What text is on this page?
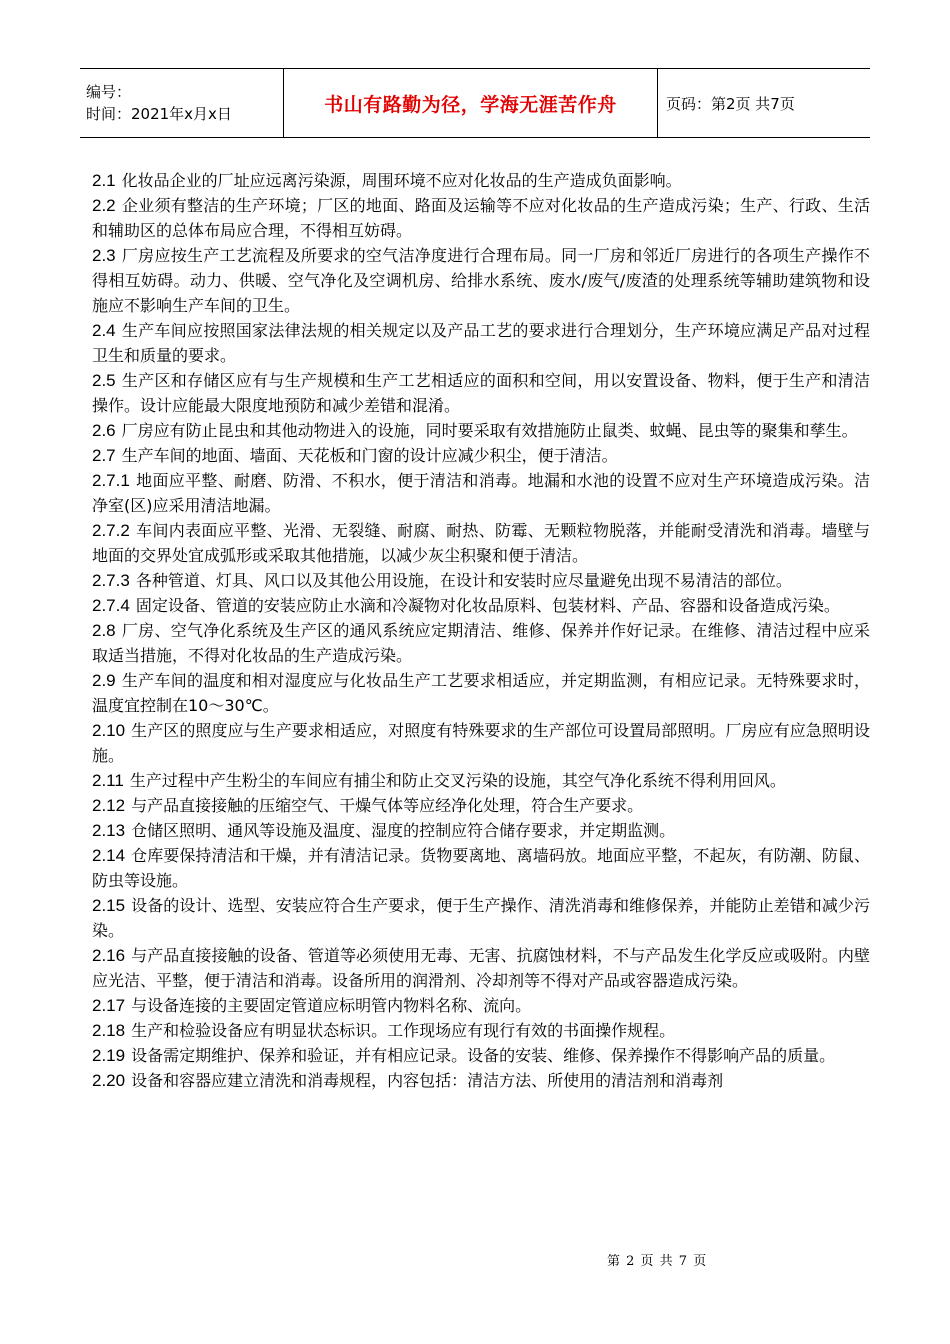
编号：
时间：2021年x月x日	书山有路勤为径，学海无涯苦作舟	页码：第2页 共7页

2.1 化妆品企业的厂址应远离污染源，周围环境不应对化妆品的生产造成负面影响。

2.2 企业须有整洁的生产环境；厂区的地面、路面及运输等不应对化妆品的生产造成污染；生产、行政、生活和辅助区的总体布局应合理，不得相互妨碍。

2.3 厂房应按生产工艺流程及所要求的空气洁净度进行合理布局。同一厂房和邻近厂房进行的各项生产操作不得相互妨碍。动力、供暖、空气净化及空调机房、给排水系统、废水/废气/废渣的处理系统等辅助建筑物和设施应不影响生产车间的卫生。

2.4 生产车间应按照国家法律法规的相关规定以及产品工艺的要求进行合理划分，生产环境应满足产品对过程卫生和质量的要求。

2.5 生产区和存储区应有与生产规模和生产工艺相适应的面积和空间，用以安置设备、物料，便于生产和清洁操作。设计应能最大限度地预防和减少差错和混淆。

2.6 厂房应有防止昆虫和其他动物进入的设施，同时要采取有效措施防止鼠类、蚊蝇、昆虫等的聚集和孳生。

2.7 生产车间的地面、墙面、天花板和门窗的设计应减少积尘，便于清洁。

2.7.1 地面应平整、耐磨、防滑、不积水，便于清洁和消毒。地漏和水池的设置不应对生产环境造成污染。洁净室(区)应采用清洁地漏。

2.7.2 车间内表面应平整、光滑、无裂缝、耐腐、耐热、防霉、无颗粒物脱落，并能耐受清洗和消毒。墙壁与地面的交界处宜成弧形或采取其他措施，以减少灰尘积聚和便于清洁。

2.7.3 各种管道、灯具、风口以及其他公用设施，在设计和安装时应尽量避免出现不易清洁的部位。

2.7.4 固定设备、管道的安装应防止水滴和冷凝物对化妆品原料、包装材料、产品、容器和设备造成污染。

2.8 厂房、空气净化系统及生产区的通风系统应定期清洁、维修、保养并作好记录。在维修、清洁过程中应采取适当措施，不得对化妆品的生产造成污染。

2.9 生产车间的温度和相对湿度应与化妆品生产工艺要求相适应，并定期监测，有相应记录。无特殊要求时，温度宜控制在10～30℃。

2.10 生产区的照度应与生产要求相适应，对照度有特殊要求的生产部位可设置局部照明。厂房应有应急照明设施。

2.11 生产过程中产生粉尘的车间应有捕尘和防止交叉污染的设施，其空气净化系统不得利用回风。

2.12 与产品直接接触的压缩空气、干燥气体等应经净化处理，符合生产要求。

2.13 仓储区照明、通风等设施及温度、湿度的控制应符合储存要求，并定期监测。

2.14 仓库要保持清洁和干燥，并有清洁记录。货物要离地、离墙码放。地面应平整，不起灰，有防潮、防鼠、防虫等设施。

2.15 设备的设计、选型、安装应符合生产要求，便于生产操作、清洗消毒和维修保养，并能防止差错和减少污染。

2.16 与产品直接接触的设备、管道等必须使用无毒、无害、抗腐蚀材料，不与产品发生化学反应或吸附。内壁应光洁、平整，便于清洁和消毒。设备所用的润滑剂、冷却剂等不得对产品或容器造成污染。

2.17 与设备连接的主要固定管道应标明管内物料名称、流向。

2.18 生产和检验设备应有明显状态标识。工作现场应有现行有效的书面操作规程。

2.19 设备需定期维护、保养和验证，并有相应记录。设备的安装、维修、保养操作不得影响产品的质量。

2.20 设备和容器应建立清洗和消毒规程，内容包括：清洁方法、所使用的清洁剂和消毒剂

第 2 页 共 7 页
